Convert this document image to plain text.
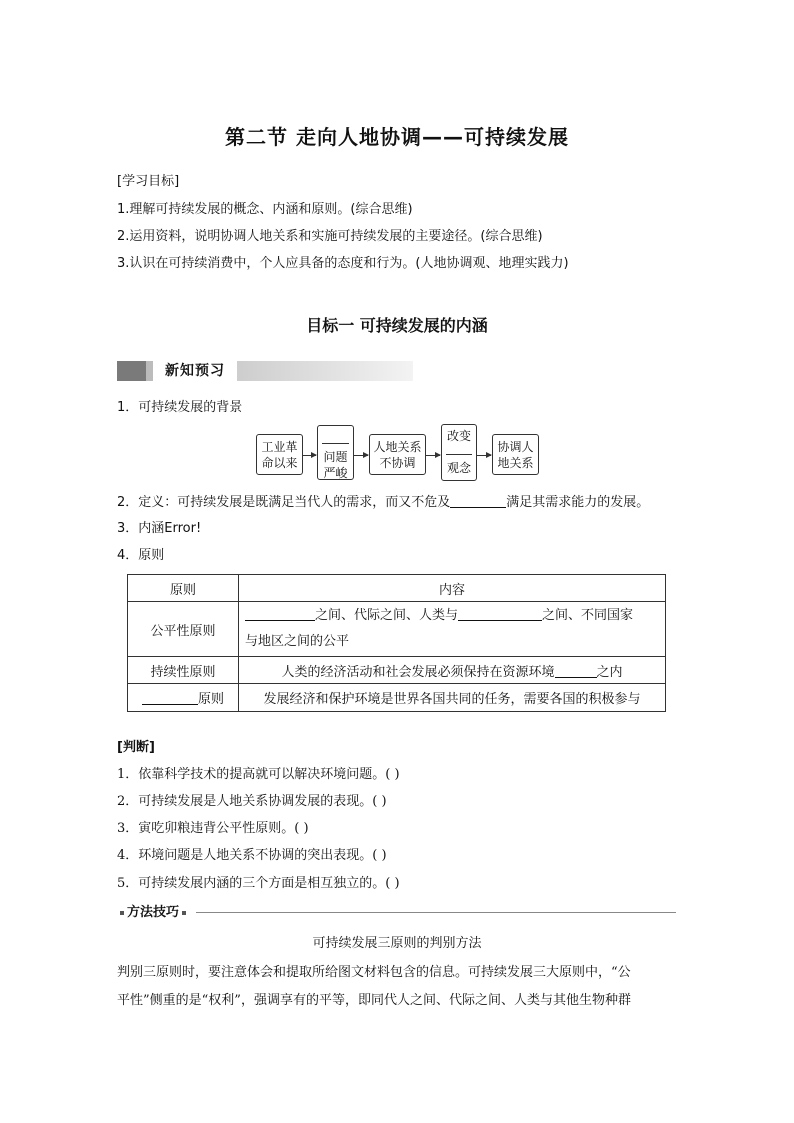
第二节 走向人地协调——可持续发展
[学习目标]
1.理解可持续发展的概念、内涵和原则。(综合思维)
2.运用资料，说明协调人地关系和实施可持续发展的主要途径。(综合思维)
3.认识在可持续消费中，个人应具备的态度和行为。(人地协调观、地理实践力)
目标一 可持续发展的内涵
新知预习
1．可持续发展的背景
工业革
命以来	问题
严峻
人地关系
不协调
改变
观念
协调人
地关系
2．定义：可持续发展是既满足当代人的需求，而又不危及	满足其需求能力的发展。
3．内涵Error!
4．原则
原则	内容
公平性原则	之间、代际之间、人类与 之间、不同国家
与地区之间的公平
持续性原则	人类的经济活动和社会发展必须保持在资源环境 之内
原则	发展经济和保护环境是世界各国共同的任务，需要各国的积极参与
[判断]
1．依靠科学技术的提高就可以解决环境问题。( )
2．可持续发展是人地关系协调发展的表现。( )
3．寅吃卯粮违背公平性原则。( )
4．环境问题是人地关系不协调的突出表现。( )
5．可持续发展内涵的三个方面是相互独立的。( )
方法技巧
可持续发展三原则的判别方法
判别三原则时，要注意体会和提取所给图文材料包含的信息。可持续发展三大原则中，“公
平性”侧重的是“权利”，强调享有的平等，即同代人之间、代际之间、人类与其他生物种群
